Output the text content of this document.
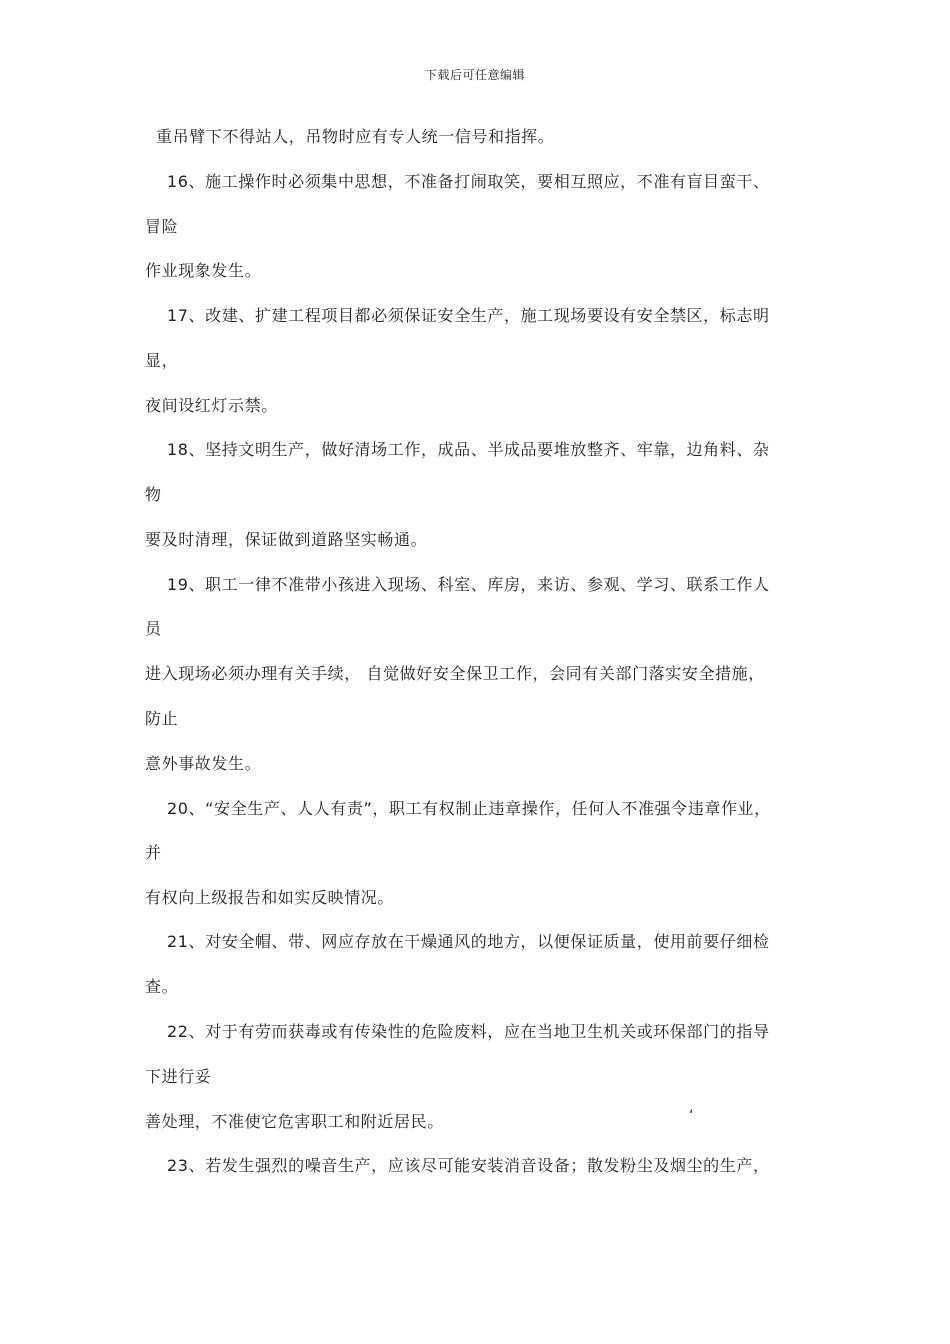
下载后可任意编辑
重吊臂下不得站人，吊物时应有专人统一信号和指挥。
16、施工操作时必须集中思想，不准备打闹取笑，要相互照应，不准有盲目蛮干、
冒险
作业现象发生。
17、改建、扩建工程项目都必须保证安全生产，施工现场要设有安全禁区，标志明
显，
夜间设红灯示禁。
18、坚持文明生产，做好清场工作，成品、半成品要堆放整齐、牢靠，边角料、杂
物
要及时清理，保证做到道路坚实畅通。
19、职工一律不准带小孩进入现场、科室、库房，来访、参观、学习、联系工作人
员
进入现场必须办理有关手续， 自觉做好安全保卫工作，会同有关部门落实安全措施，
防止
意外事故发生。
20、“安全生产、人人有责”，职工有权制止违章操作，任何人不准强令违章作业，
并
有权向上级报告和如实反映情况。
21、对安全帽、带、网应存放在干燥通风的地方，以便保证质量，使用前要仔细检
查。
22、对于有劳而获毒或有传染性的危险废料，应在当地卫生机关或环保部门的指导
下进行妥
善处理，不准使它危害职工和附近居民。
23、若发生强烈的噪音生产，应该尽可能安装消音设备；散发粉尘及烟尘的生产，
‘
